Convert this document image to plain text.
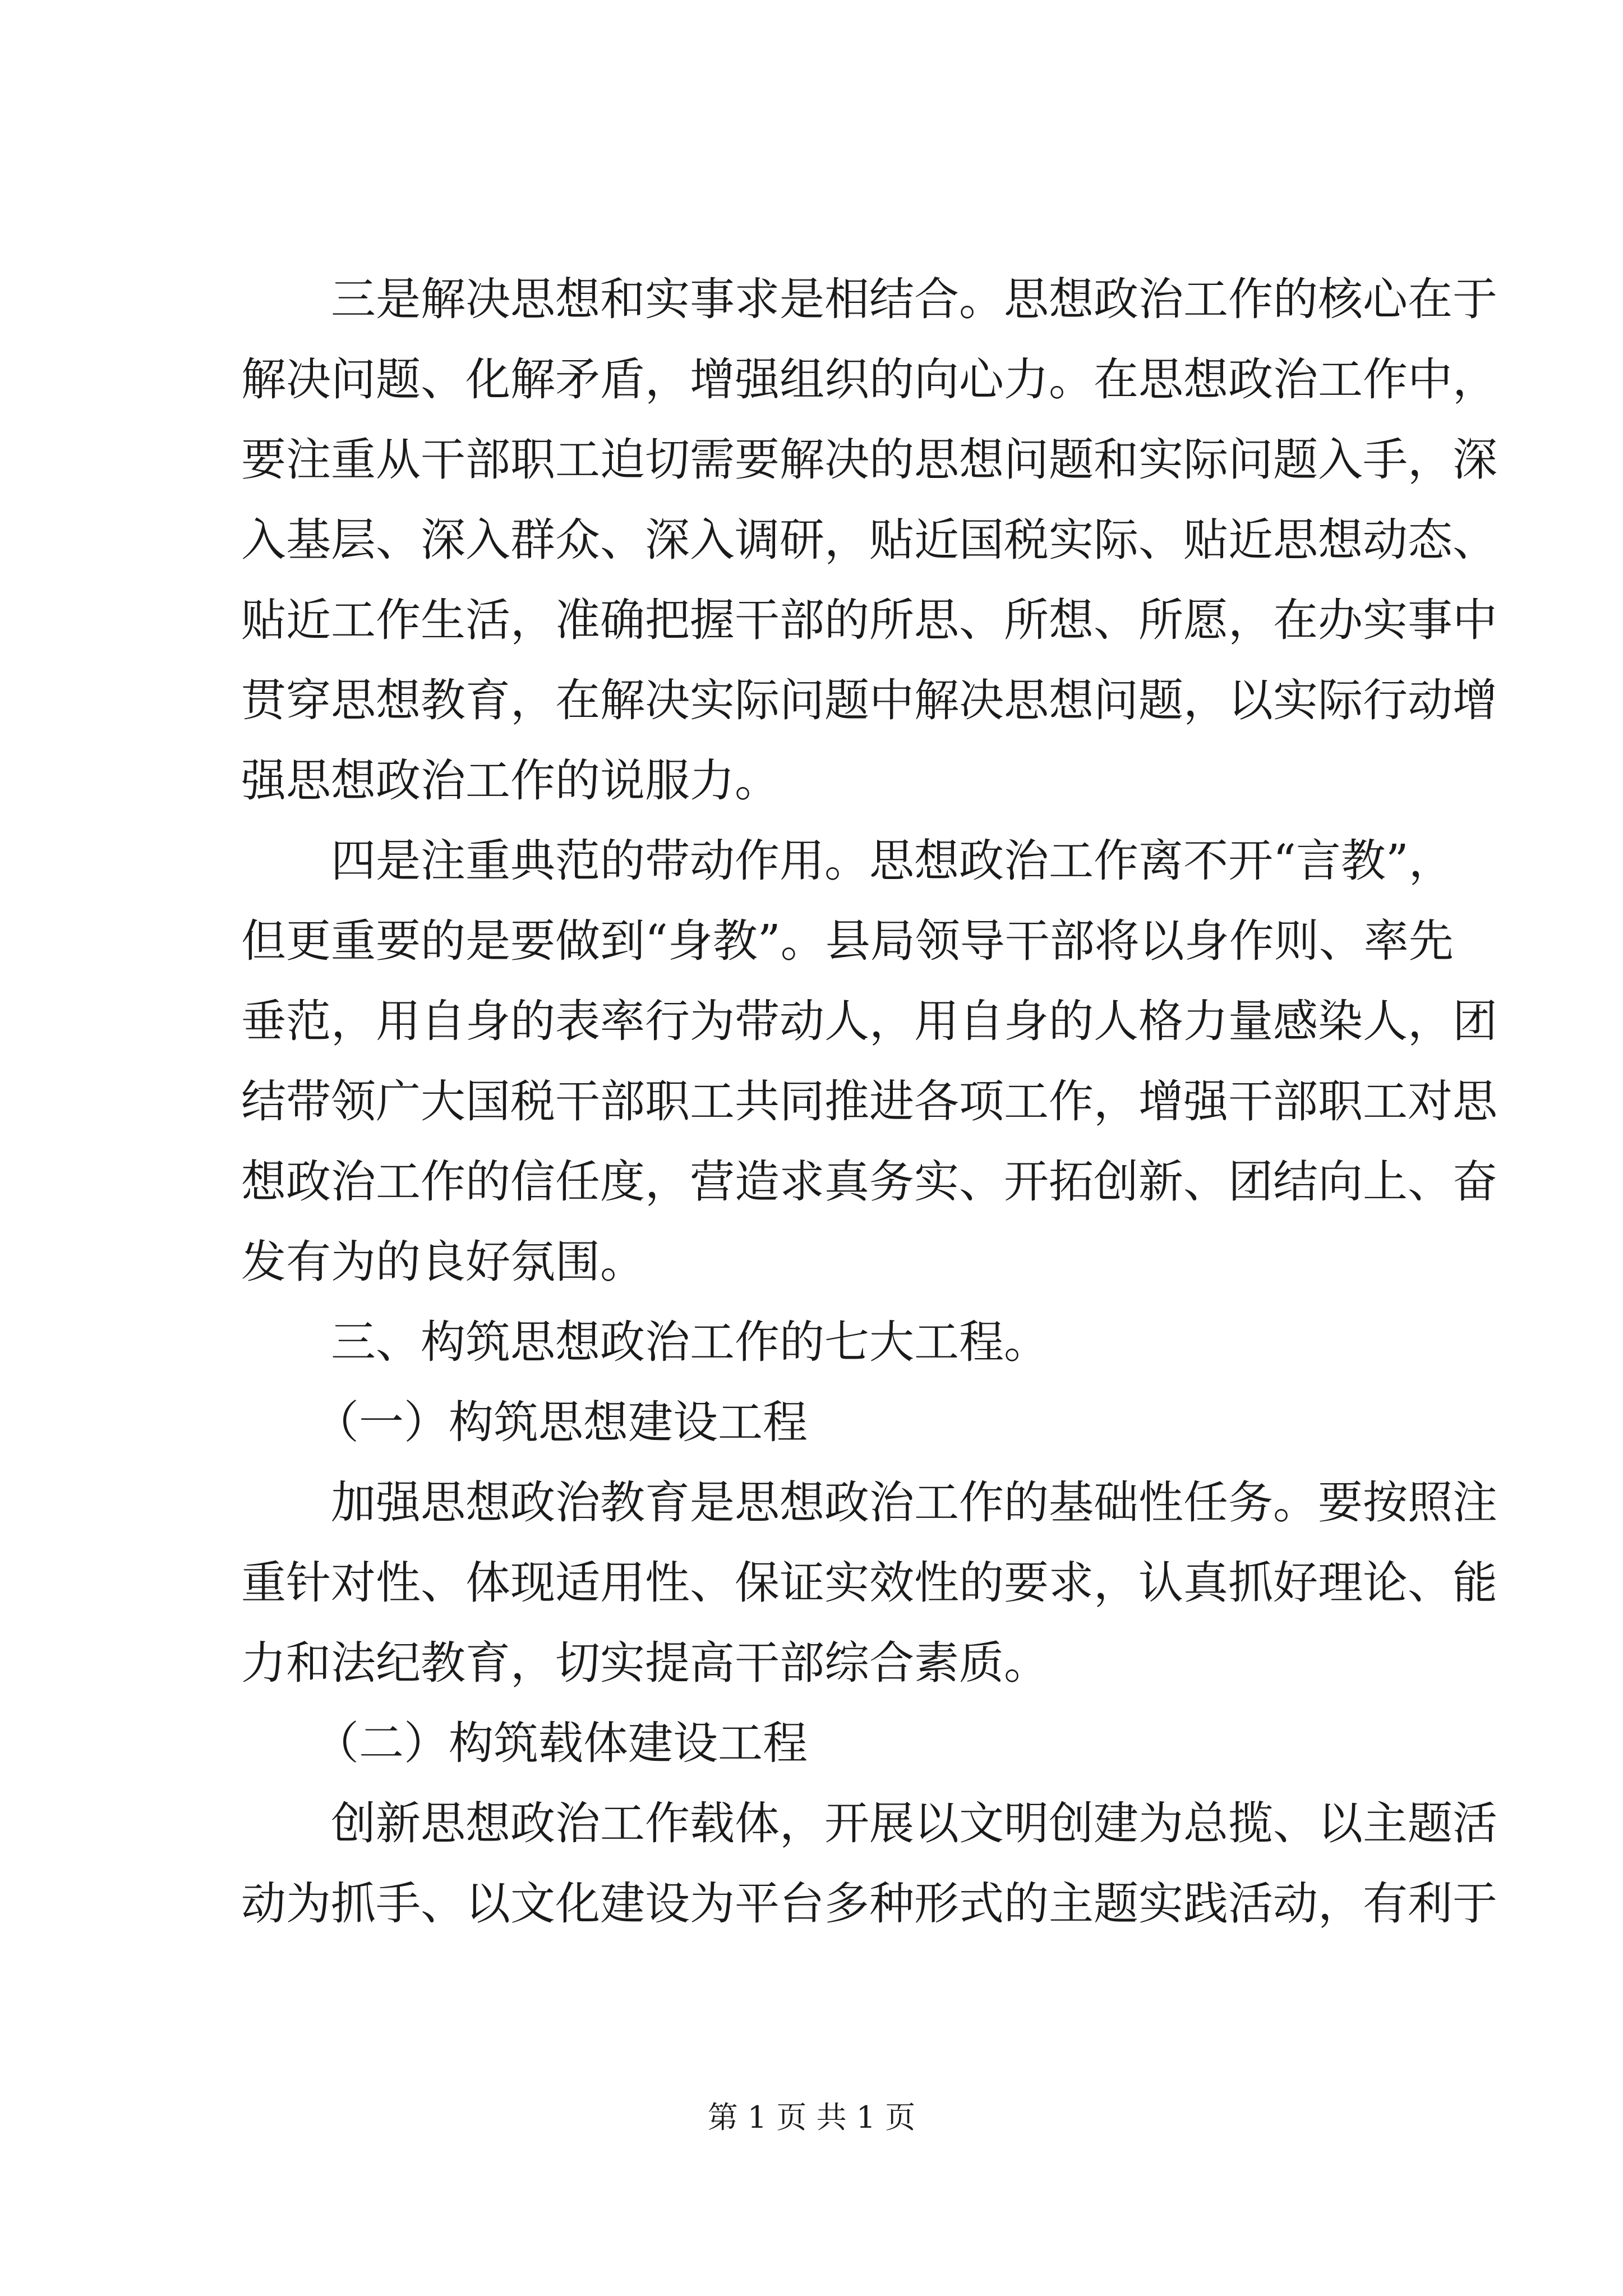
三是解决思想和实事求是相结合。思想政治工作的核心在于
解决问题、化解矛盾，增强组织的向心力。在思想政治工作中，
要注重从干部职工迫切需要解决的思想问题和实际问题入手，深
入基层、深入群众、深入调研，贴近国税实际、贴近思想动态、
贴近工作生活，准确把握干部的所思、所想、所愿，在办实事中
贯穿思想教育，在解决实际问题中解决思想问题，以实际行动增
强思想政治工作的说服力。
四是注重典范的带动作用。思想政治工作离不开“言教”，
但更重要的是要做到“身教”。县局领导干部将以身作则、率先
垂范，用自身的表率行为带动人，用自身的人格力量感染人，团
结带领广大国税干部职工共同推进各项工作，增强干部职工对思
想政治工作的信任度，营造求真务实、开拓创新、团结向上、奋
发有为的良好氛围。
三、构筑思想政治工作的七大工程。
（一）构筑思想建设工程
加强思想政治教育是思想政治工作的基础性任务。要按照注
重针对性、体现适用性、保证实效性的要求，认真抓好理论、能
力和法纪教育，切实提高干部综合素质。
（二）构筑载体建设工程
创新思想政治工作载体，开展以文明创建为总揽、以主题活
动为抓手、以文化建设为平台多种形式的主题实践活动，有利于
第 1 页 共 1 页
